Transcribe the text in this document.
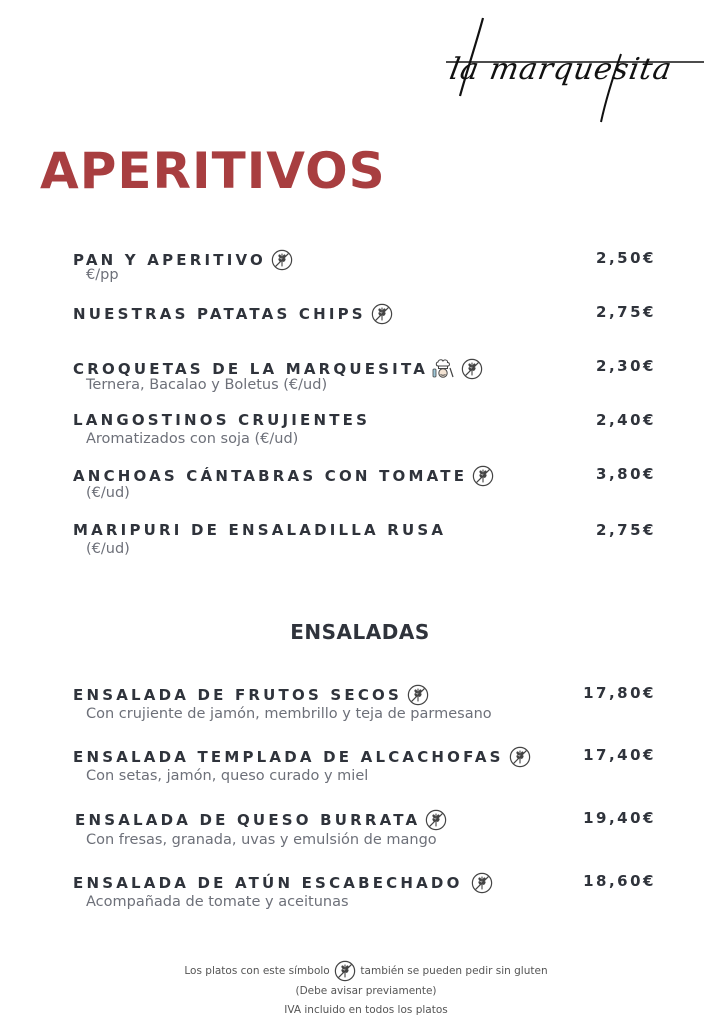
la marquesita
APERITIVOS
PAN Y APERITIVO
€/pp
2,50€
NUESTRAS PATATAS CHIPS	2,75€
CROQUETAS DE LA MARQUESITA
Ternera, Bacalao y Boletus (€/ud)
2,30€
LANGOSTINOS CRUJIENTES
Aromatizados con soja (€/ud)
2,40€
ANCHOAS CÁNTABRAS CON TOMATE
(€/ud)
3,80€
MARIPURI DE ENSALADILLA RUSA
(€/ud)
2,75€
ENSALADAS
ENSALADA DE FRUTOS SECOS
Con crujiente de jamón, membrillo y teja de parmesano
17,80€
ENSALADA TEMPLADA DE ALCACHOFAS
Con setas, jamón, queso curado y miel
17,40€
ENSALADA DE QUESO BURRATA
Con fresas, granada, uvas y emulsión de mango
19,40€
ENSALADA DE ATÚN ESCABECHADO
Acompañada de tomate y aceitunas
18,60€
Los platos con este símbolo	también se pueden pedir sin gluten
(Debe avisar previamente)
IVA incluido en todos los platos
